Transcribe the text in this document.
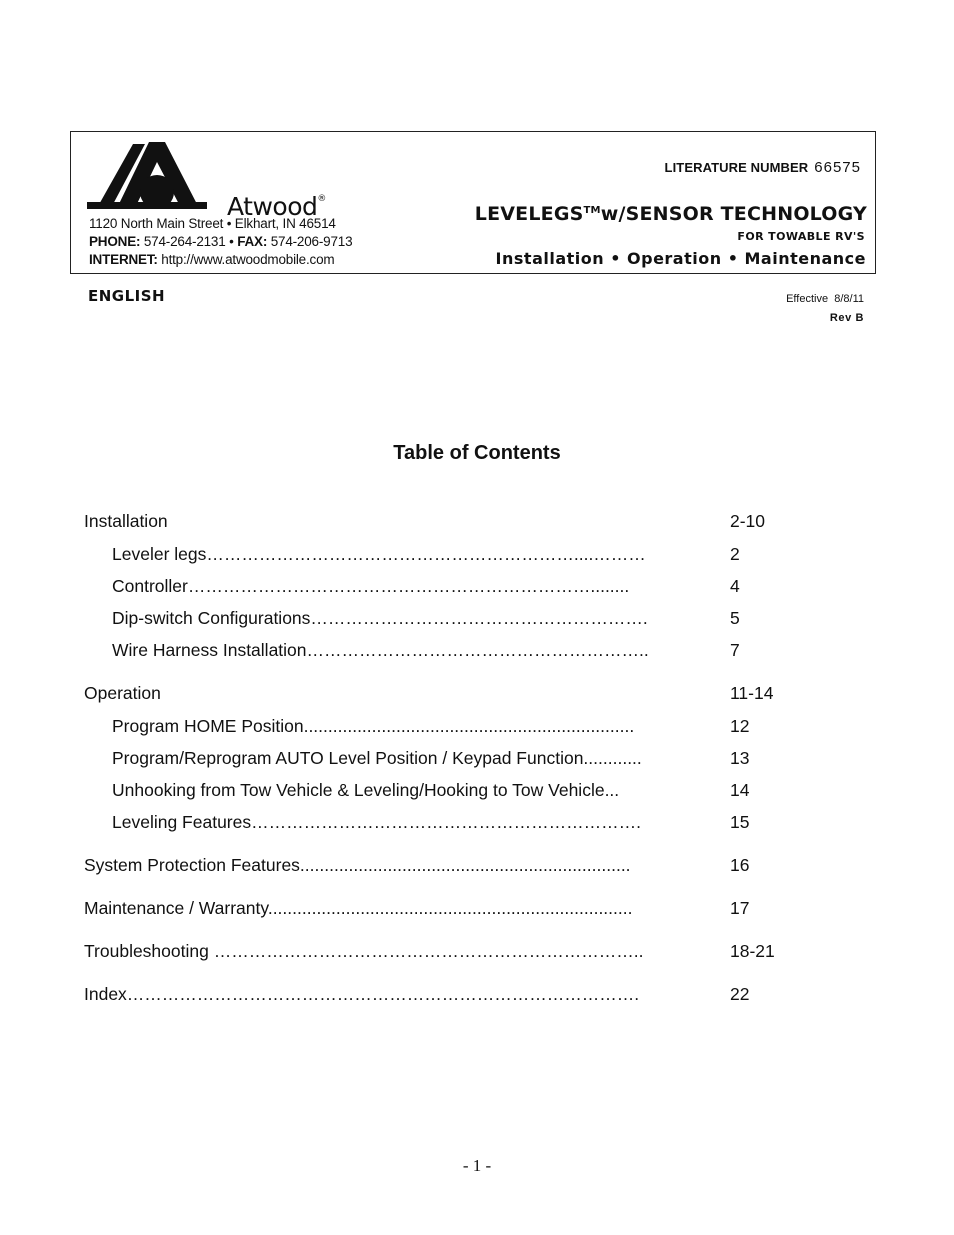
Atwood®
1120 North Main Street • Elkhart, IN 46514
PHONE: 574-264-2131 • FAX: 574-206-9713
INTERNET: http://www.atwoodmobile.com
LITERATURE NUMBER 66575
LEVELEGS™w/SENSOR TECHNOLOGY
FOR TOWABLE RV'S
Installation • Operation • Maintenance
ENGLISH	Effective 8/8/11
Rev B
Table of Contents
Installation	2-10
Leveler legs………………………………………………………....………	2
Controller……………………………………………………………........	4
Dip-switch Configurations………………………………………………….	5
Wire Harness Installation…………………………………………………..	7
Operation	11-14
Program HOME Position....................................................................	12
Program/Reprogram AUTO Level Position / Keypad Function............	13
Unhooking from Tow Vehicle & Leveling/Hooking to Tow Vehicle...	14
Leveling Features………………………………………………………….	15
System Protection Features....................................................................	16
Maintenance / Warranty...........................................................................	17
Troubleshooting ………………………………………………………………..	18-21
Index…………………………………………………………………………….	22
- 1 -
